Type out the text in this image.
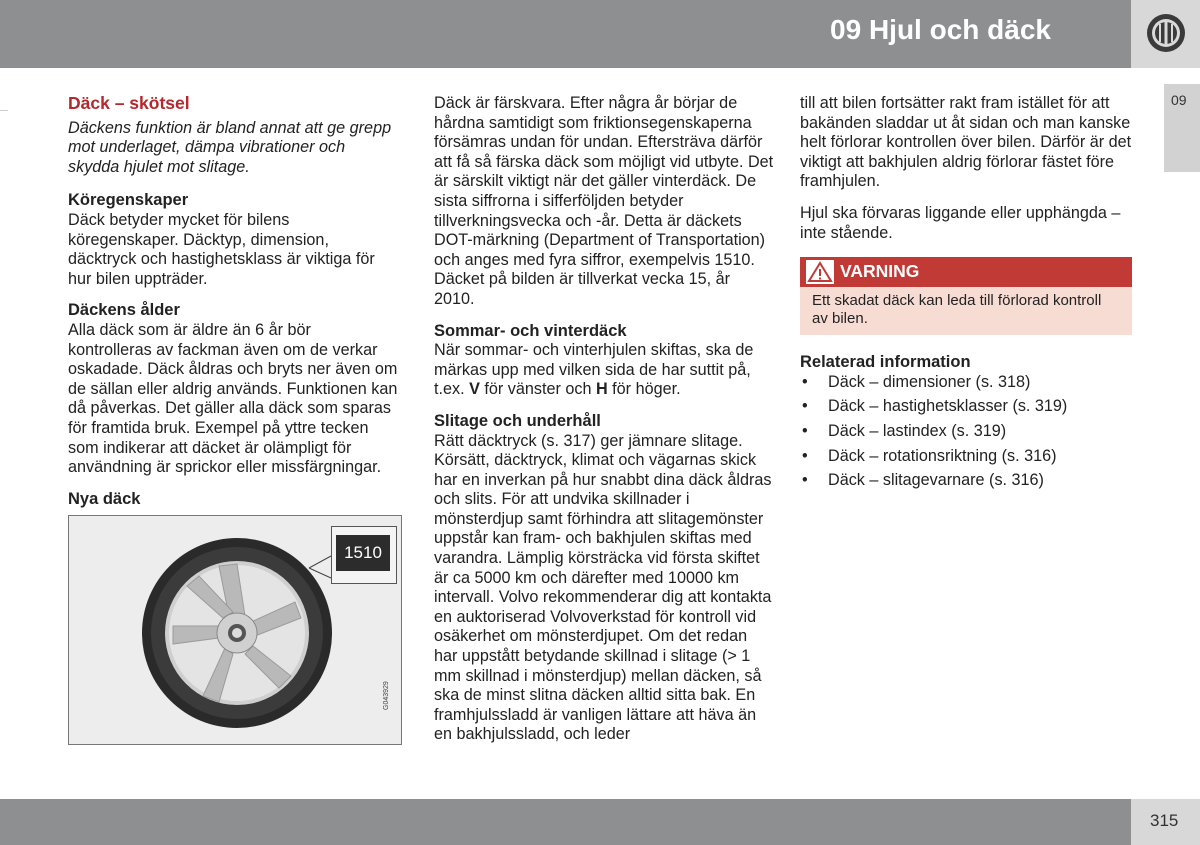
09 Hjul och däck
09
Däck – skötsel
Däckens funktion är bland annat att ge grepp mot underlaget, dämpa vibrationer och skydda hjulet mot slitage.
Köregenskaper

Däck betyder mycket för bilens köregenskaper. Däcktyp, dimension, däcktryck och hastighetsklass är viktiga för hur bilen uppträder.

Däckens ålder

Alla däck som är äldre än 6 år bör kontrolleras av fackman även om de verkar oskadade. Däck åldras och bryts ner även om de sällan eller aldrig används. Funktionen kan då påverkas. Det gäller alla däck som sparas för framtida bruk. Exempel på yttre tecken som indikerar att däcket är olämpligt för användning är sprickor eller missfärgningar.

Nya däck
1510
G043929

Däck är färskvara. Efter några år börjar de hårdna samtidigt som friktionsegenskaperna försämras undan för undan. Eftersträva därför att få så färska däck som möjligt vid utbyte. Det är särskilt viktigt när det gäller vinterdäck. De sista siffrorna i sifferföljden betyder tillverkningsvecka och -år. Detta är däckets DOT-märkning (Department of Transportation) och anges med fyra siffror, exempelvis 1510. Däcket på bilden är tillverkat vecka 15, år 2010.

Sommar- och vinterdäck

När sommar- och vinterhjulen skiftas, ska de märkas upp med vilken sida de har suttit på, t.ex. V för vänster och H för höger.

Slitage och underhåll

Rätt däcktryck (s. 317) ger jämnare slitage. Körsätt, däcktryck, klimat och vägarnas skick har en inverkan på hur snabbt dina däck åldras och slits. För att undvika skillnader i mönsterdjup samt förhindra att slitagemönster uppstår kan fram- och bakhjulen skiftas med varandra. Lämplig körsträcka vid första skiftet är ca 5000 km och därefter med 10000 km intervall. Volvo rekommenderar dig att kontakta en auktoriserad Volvoverkstad för kontroll vid osäkerhet om mönsterdjupet. Om det redan har uppstått betydande skillnad i slitage (> 1 mm skillnad i mönsterdjup) mellan däcken, så ska de minst slitna däcken alltid sitta bak. En framhjulssladd är vanligen lättare att häva än en bakhjulssladd, och leder

till att bilen fortsätter rakt fram istället för att bakänden sladdar ut åt sidan och man kanske helt förlorar kontrollen över bilen. Därför är det viktigt att bakhjulen aldrig förlorar fästet före framhjulen.

Hjul ska förvaras liggande eller upphängda – inte stående.

VARNING
Ett skadat däck kan leda till förlorad kontroll av bilen.
Relaterad information
• Däck – dimensioner (s. 318)
• Däck – hastighetsklasser (s. 319)
• Däck – lastindex (s. 319)
• Däck – rotationsriktning (s. 316)
• Däck – slitagevarnare (s. 316)
315
